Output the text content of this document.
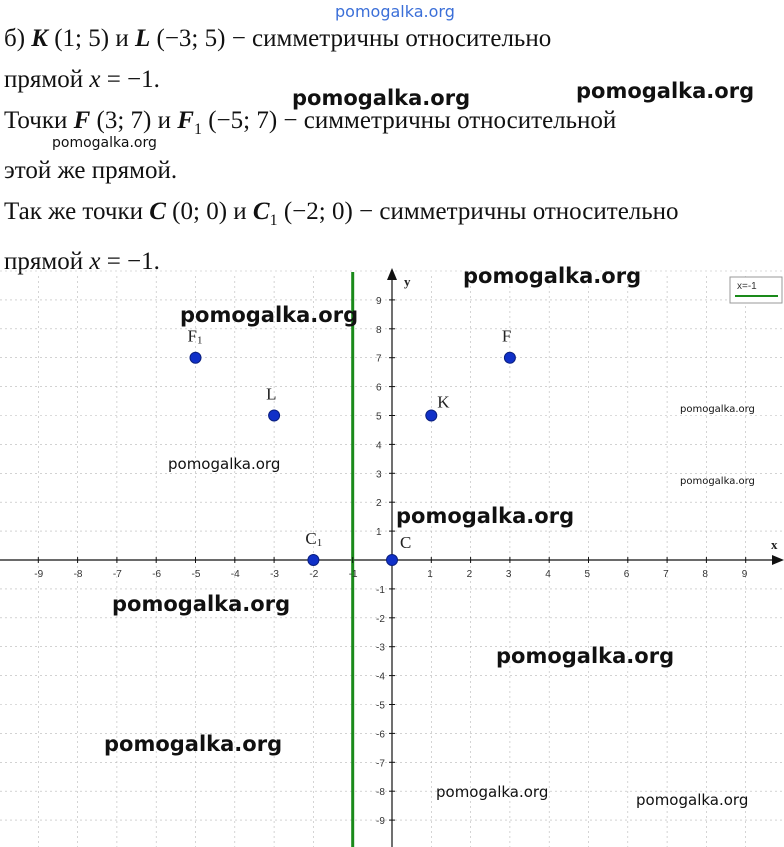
pomogalka.org
б) K (1; 5) и L (−3; 5) − симметричны относительно
прямой x = −1.
Точки F (3; 7) и $F_1$ (−5; 7) − симметричны относительной
этой же прямой.
Так же точки C (0; 0) и $C_1$ (−2; 0) − симметричны относительно
прямой x = −1.
x=-1
-9	-8	-7	-6	-5	-4	-3	-2	-1	1	2	3	4	5	6	7	8	9
9
8
7
6
5
4
3
2
1
-1
-2
-3
-4
-5
-6
-7
-8
-9
F1
L	K
F
C1	C	x
y
pomogalka.org	pomogalka.org
pomogalka.org
pomogalka.org
pomogalka.org
pomogalka.org
pomogalka.org
pomogalka.org
pomogalka.org
pomogalka.org
pomogalka.org
pomogalka.org
pomogalka.org	pomogalka.org
